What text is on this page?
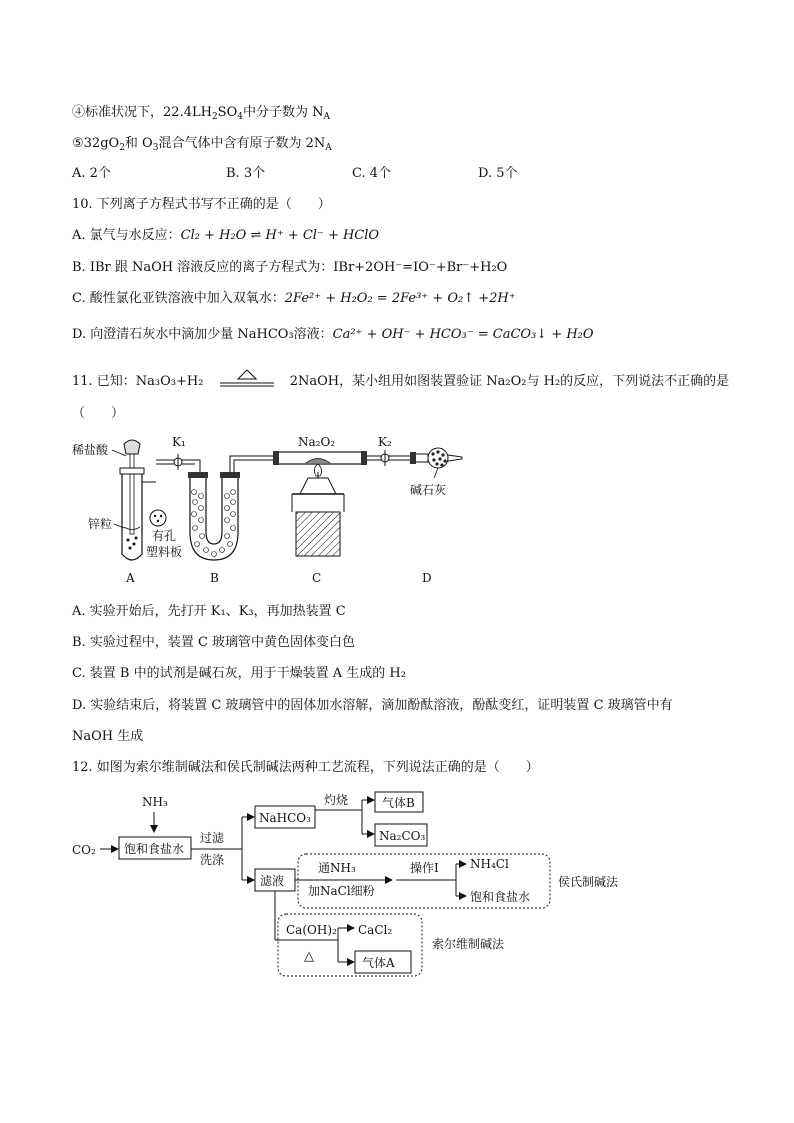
④标准状况下，$22.4LH_2SO_4$中分子数为 $N_A$
$⑤32gO_2$和 $O_3$混合气体中含有原子数为 $2N_A$
A. 2个	B. 3个	C. 4个	D. 5个
10. 下列离子方程式书写不正确的是（　　）
A. 氯气与水反应：Cl₂ + H₂O ⇌ H⁺ + Cl⁻ + HClO
B. IBr 跟 NaOH 溶液反应的离子方程式为：IBr+2OH⁻=IO⁻+Br⁻+H₂O
C. 酸性氯化亚铁溶液中加入双氧水：2Fe²⁺ + H₂O₂ = 2Fe³⁺ + O₂↑ +2H⁺
D. 向澄清石灰水中滴加少量 NaHCO₃溶液：Ca²⁺ + OH⁻ + HCO₃⁻ = CaCO₃↓ + H₂O
11. 已知：Na₃O₃+H₂	2NaOH，某小组用如图装置验证 Na₂O₂与 H₂的反应，下列说法不正确的是
（　　）
稀盐酸
锌粒
有孔
塑料板
A
K₁
B
Na₂O₂
C
K₂
碱石灰
D
A. 实验开始后，先打开 K₁、K₃，再加热装置 C
B. 实验过程中，装置 C 玻璃管中黄色固体变白色
C. 装置 B 中的试剂是碱石灰，用于干燥装置 A 生成的 H₂
D. 实验结束后，将装置 C 玻璃管中的固体加水溶解，滴加酚酞溶液，酚酞变红，证明装置 C 玻璃管中有
NaOH 生成
12. 如图为索尔维制碱法和侯氏制碱法两种工艺流程，下列说法正确的是（　　）
NH₃
CO₂ 饱和食盐水
过滤
洗涤
NaHCO₃
灼烧	气体B
Na₂CO₃
滤液
通NH₃
加NaCl细粉
操作Ⅰ	NH₄Cl
饱和食盐水
侯氏制碱法
Ca(OH)₂
△
CaCl₂
气体A
索尔维制碱法
